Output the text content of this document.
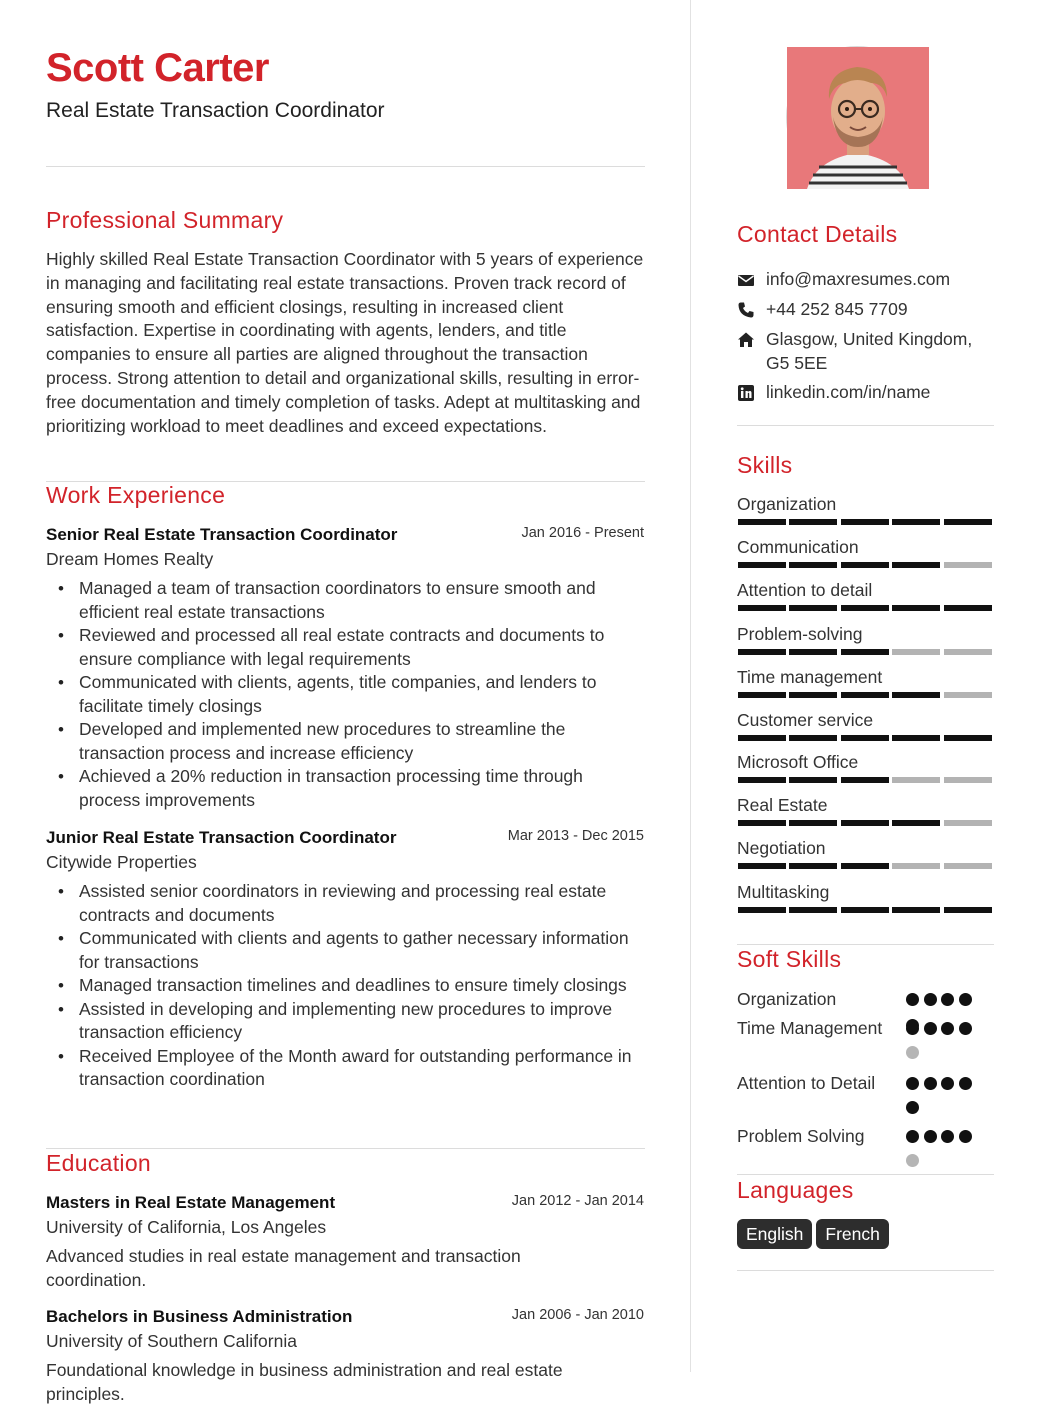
Scott Carter
Real Estate Transaction Coordinator
Professional Summary
Highly skilled Real Estate Transaction Coordinator with 5 years of experience in managing and facilitating real estate transactions. Proven track record of ensuring smooth and efficient closings, resulting in increased client satisfaction. Expertise in coordinating with agents, lenders, and title companies to ensure all parties are aligned throughout the transaction process. Strong attention to detail and organizational skills, resulting in error-free documentation and timely completion of tasks. Adept at multitasking and prioritizing workload to meet deadlines and exceed expectations.
Work Experience
Senior Real Estate Transaction Coordinator	Jan 2016 - Present
Dream Homes Realty
• Managed a team of transaction coordinators to ensure smooth and efficient real estate transactions
• Reviewed and processed all real estate contracts and documents to ensure compliance with legal requirements
• Communicated with clients, agents, title companies, and lenders to facilitate timely closings
• Developed and implemented new procedures to streamline the transaction process and increase efficiency
• Achieved a 20% reduction in transaction processing time through process improvements
Junior Real Estate Transaction Coordinator	Mar 2013 - Dec 2015
Citywide Properties
• Assisted senior coordinators in reviewing and processing real estate contracts and documents
• Communicated with clients and agents to gather necessary information for transactions
• Managed transaction timelines and deadlines to ensure timely closings
• Assisted in developing and implementing new procedures to improve transaction efficiency
• Received Employee of the Month award for outstanding performance in transaction coordination
Education
Masters in Real Estate Management	Jan 2012 - Jan 2014
University of California, Los Angeles
Advanced studies in real estate management and transaction coordination.
Bachelors in Business Administration	Jan 2006 - Jan 2010
University of Southern California
Foundational knowledge in business administration and real estate principles.
Contact Details
info@maxresumes.com
+44 252 845 7709
Glasgow, United Kingdom, G5 5EE
linkedin.com/in/name
Skills
Organization
Communication
Attention to detail
Problem-solving
Time management
Customer service
Microsoft Office
Real Estate
Negotiation
Multitasking
Soft Skills
Organization
Time Management
Attention to Detail
Problem Solving
Languages
English French
